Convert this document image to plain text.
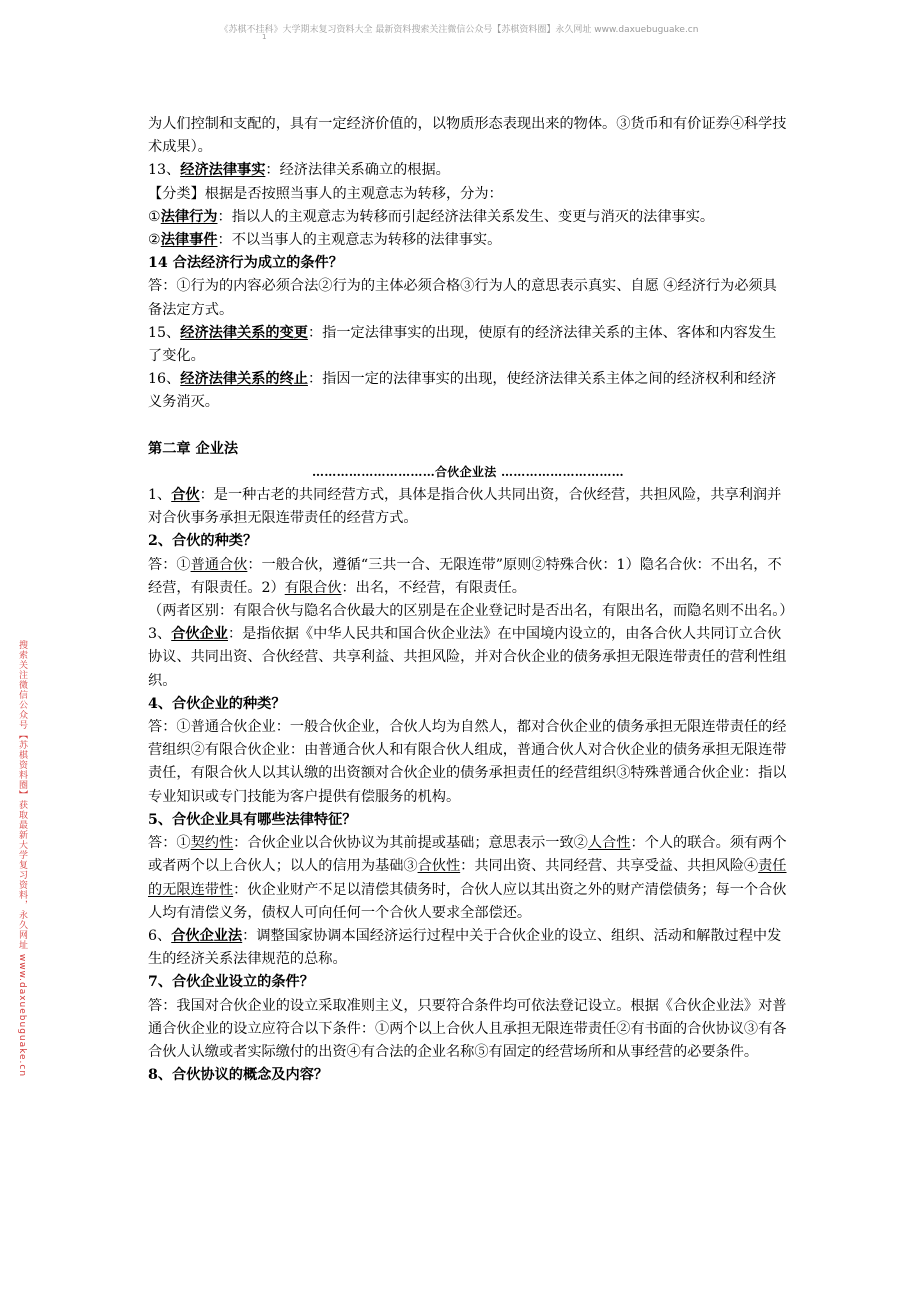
《苏棋不挂科》大学期末复习资料大全 最新资料搜索关注微信公众号【苏棋资料圈】永久网址 www.daxuebuguake.cn
1
搜索关注微信公众号【苏棋资料圈】获取最新大学复习资料，永久网址 www.daxuebuguake.cn

为人们控制和支配的，具有一定经济价值的，以物质形态表现出来的物体。③货币和有价证券④科学技术成果）。

13、经济法律事实：经济法律关系确立的根据。

【分类】根据是否按照当事人的主观意志为转移，分为：

①法律行为：指以人的主观意志为转移而引起经济法律关系发生、变更与消灭的法律事实。

②法律事件：不以当事人的主观意志为转移的法律事实。

14 合法经济行为成立的条件？

答：①行为的内容必须合法②行为的主体必须合格③行为人的意思表示真实、自愿 ④经济行为必须具备法定方式。

15、经济法律关系的变更：指一定法律事实的出现，使原有的经济法律关系的主体、客体和内容发生了变化。

16、经济法律关系的终止：指因一定的法律事实的出现，使经济法律关系主体之间的经济权利和经济义务消灭。

第二章 企业法

…………………………合伙企业法 …………………………

1、合伙：是一种古老的共同经营方式，具体是指合伙人共同出资，合伙经营，共担风险，共享利润并对合伙事务承担无限连带责任的经营方式。

2、合伙的种类？

答：①普通合伙：一般合伙，遵循“三共一合、无限连带”原则②特殊合伙：1）隐名合伙：不出名，不经营，有限责任。2）有限合伙：出名，不经营，有限责任。

（两者区别：有限合伙与隐名合伙最大的区别是在企业登记时是否出名，有限出名，而隐名则不出名。）

3、合伙企业：是指依据《中华人民共和国合伙企业法》在中国境内设立的，由各合伙人共同订立合伙协议、共同出资、合伙经营、共享利益、共担风险，并对合伙企业的债务承担无限连带责任的营利性组织。

4、合伙企业的种类？

答：①普通合伙企业：一般合伙企业，合伙人均为自然人，都对合伙企业的债务承担无限连带责任的经营组织②有限合伙企业：由普通合伙人和有限合伙人组成，普通合伙人对合伙企业的债务承担无限连带责任，有限合伙人以其认缴的出资额对合伙企业的债务承担责任的经营组织③特殊普通合伙企业：指以专业知识或专门技能为客户提供有偿服务的机构。

5、合伙企业具有哪些法律特征？

答：①契约性：合伙企业以合伙协议为其前提或基础；意思表示一致②人合性：个人的联合。须有两个或者两个以上合伙人；以人的信用为基础③合伙性：共同出资、共同经营、共享受益、共担风险④责任的无限连带性：伙企业财产不足以清偿其债务时，合伙人应以其出资之外的财产清偿债务；每一个合伙人均有清偿义务，债权人可向任何一个合伙人要求全部偿还。

6、合伙企业法：调整国家协调本国经济运行过程中关于合伙企业的设立、组织、活动和解散过程中发生的经济关系法律规范的总称。

7、合伙企业设立的条件？

答：我国对合伙企业的设立采取准则主义，只要符合条件均可依法登记设立。根据《合伙企业法》对普通合伙企业的设立应符合以下条件：①两个以上合伙人且承担无限连带责任②有书面的合伙协议③有各合伙人认缴或者实际缴付的出资④有合法的企业名称⑤有固定的经营场所和从事经营的必要条件。

8、合伙协议的概念及内容？
